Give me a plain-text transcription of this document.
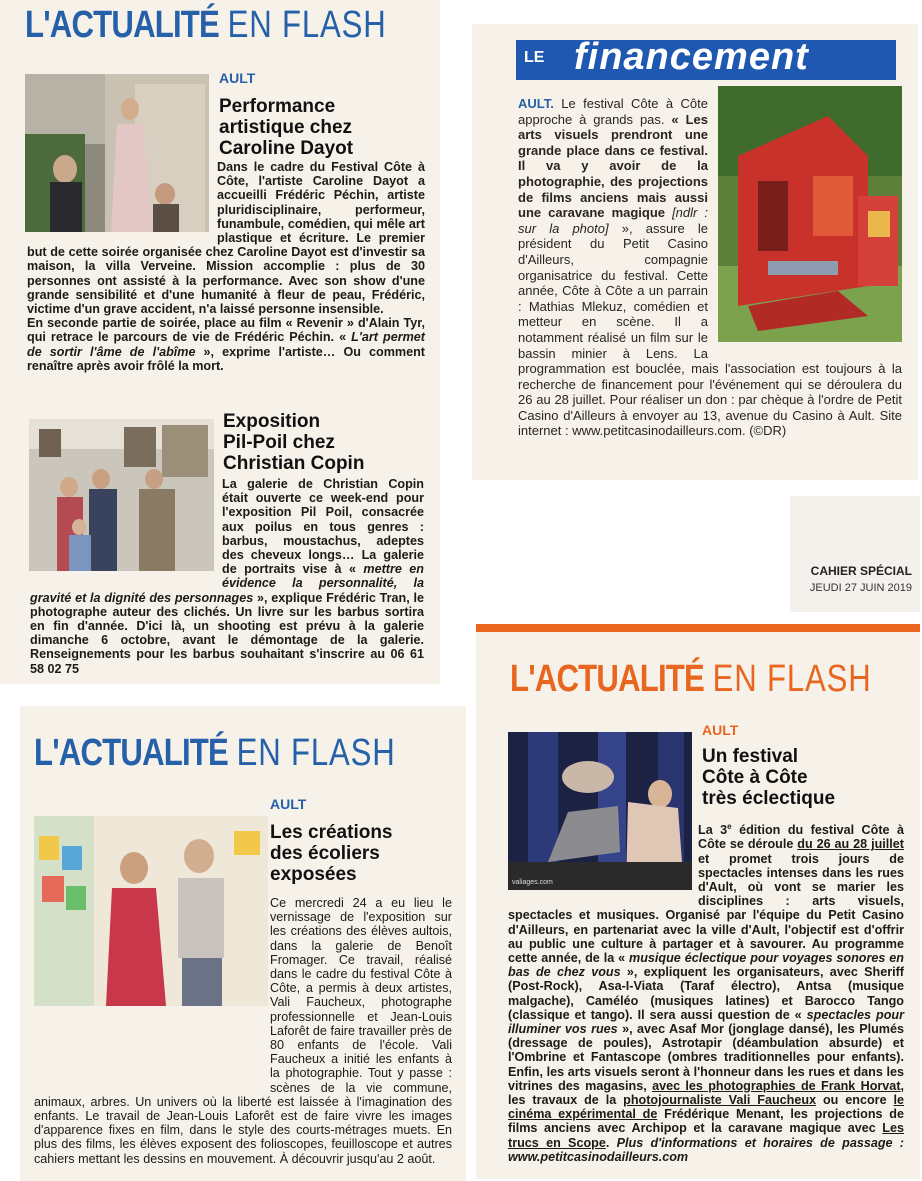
L'ACTUALITÉ EN FLASH
AULT
Performance
artistique chez
Caroline Dayot

Dans le cadre du Festival Côte à Côte, l'artiste Caroline Dayot a accueilli Frédéric Péchin, artiste pluridisciplinaire, performeur, funambule, comédien, qui mêle art plastique et écriture. Le premier but de cette soirée organisée chez Caroline Dayot est d'investir sa maison, la villa Verveine. Mission accomplie : plus de 30 personnes ont assisté à la performance. Avec son show d'une grande sensibilité et d'une humanité à fleur de peau, Frédéric, victime d'un grave accident, n'a laissé personne insensible.

En seconde partie de soirée, place au film « Revenir » d'Alain Tyr, qui retrace le parcours de vie de Frédéric Péchin. « L'art permet de sortir l'âme de l'abîme », exprime l'artiste… Ou comment renaître après avoir frôlé la mort.

Exposition
Pil-Poil chez
Christian Copin

La galerie de Christian Copin était ouverte ce week-end pour l'exposition Pil Poil, consacrée aux poilus en tous genres : barbus, moustachus, adeptes des cheveux longs… La galerie de portraits vise à « mettre en évidence la personnalité, la gravité et la dignité des personnages », explique Frédéric Tran, le photographe auteur des clichés. Un livre sur les barbus sortira en fin d'année. D'ici là, un shooting est prévu à la galerie dimanche 6 octobre, avant le démontage de la galerie. Renseignements pour les barbus souhaitant s'inscrire au 06 61 58 02 75

LE financement

AULT. Le festival Côte à Côte approche à grands pas. « Les arts visuels prendront une grande place dans ce festival. Il va y avoir de la photographie, des projections de films anciens mais aussi une caravane magique [ndlr : sur la photo] », assure le président du Petit Casino d'Ailleurs, compagnie organisatrice du festival. Cette année, Côte à Côte a un parrain : Mathias Mlekuz, comédien et metteur en scène. Il a notamment réalisé un film sur le bassin minier à Lens. La programmation est bouclée, mais l'association est toujours à la recherche de financement pour l'événement qui se déroulera du 26 au 28 juillet. Pour réaliser un don : par chèque à l'ordre de Petit Casino d'Ailleurs à envoyer au 13, avenue du Casino à Ault. Site internet : www.petitcasinodailleurs.com. (©DR)

CAHIER SPÉCIAL
JEUDI 27 JUIN 2019
L'ACTUALITÉ EN FLASH
AULT
Les créations
des écoliers
exposées

Ce mercredi 24 a eu lieu le vernissage de l'exposition sur les créations des élèves aultois, dans la galerie de Benoît Fromager. Ce travail, réalisé dans le cadre du festival Côte à Côte, a permis à deux artistes, Vali Faucheux, photographe professionnelle et Jean-Louis Laforêt de faire travailler près de 80 enfants de l'école. Vali Faucheux a initié les enfants à la photographie. Tout y passe : scènes de la vie commune, animaux, arbres. Un univers où la liberté est laissée à l'imagination des enfants. Le travail de Jean-Louis Laforêt est de faire vivre les images d'apparence fixes en film, dans le style des courts-métrages muets. En plus des films, les élèves exposent des folioscopes, feuilloscope et autres cahiers mettant les dessins en mouvement. À découvrir jusqu'au 2 août.

L'ACTUALITÉ EN FLASH
valiages.com
AULT
Un festival
Côte à Côte
très éclectique

La 3e édition du festival Côte à Côte se déroule du 26 au 28 juillet et promet trois jours de spectacles intenses dans les rues d'Ault, où vont se marier les disciplines : arts visuels, spectacles et musiques. Organisé par l'équipe du Petit Casino d'Ailleurs, en partenariat avec la ville d'Ault, l'objectif est d'offrir au public une culture à partager et à savourer. Au programme cette année, de la « musique éclectique pour voyages sonores en bas de chez vous », expliquent les organisateurs, avec Sheriff (Post-Rock), Asa-I-Viata (Taraf électro), Antsa (musique malgache), Caméléo (musiques latines) et Barocco Tango (classique et tango). Il sera aussi question de « spectacles pour illuminer vos rues », avec Asaf Mor (jonglage dansé), les Plumés (dressage de poules), Astrotapir (déambulation absurde) et l'Ombrine et Fantascope (ombres traditionnelles pour enfants). Enfin, les arts visuels seront à l'honneur dans les rues et dans les vitrines des magasins, avec les photographies de Frank Horvat, les travaux de la photojournaliste Vali Faucheux ou encore le cinéma expérimental de Frédérique Menant, les projections de films anciens avec Archipop et la caravane magique avec Les trucs en Scope. Plus d'informations et horaires de passage : www.petitcasinodailleurs.com
